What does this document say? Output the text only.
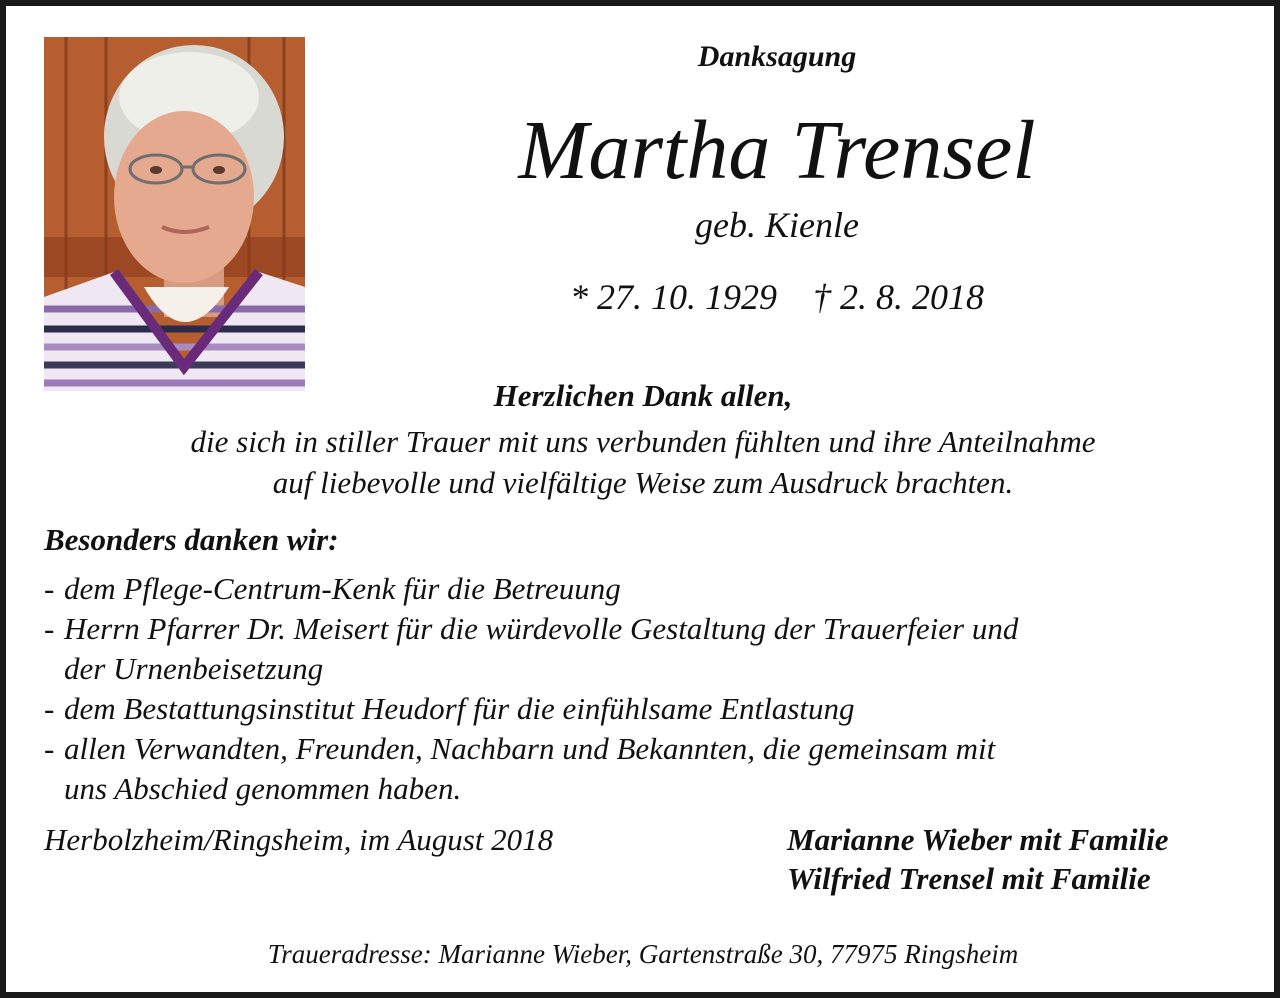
Danksagung
Martha Trensel
geb. Kienle
* 27. 10. 1929 † 2. 8. 2018
Herzlichen Dank allen,
die sich in stiller Trauer mit uns verbunden fühlten und ihre Anteilnahme
auf liebevolle und vielfältige Weise zum Ausdruck brachten.
Besonders danken wir:
- dem Pflege-Centrum-Kenk für die Betreuung
- Herrn Pfarrer Dr. Meisert für die würdevolle Gestaltung der Trauerfeier und
der Urnenbeisetzung
- dem Bestattungsinstitut Heudorf für die einfühlsame Entlastung
- allen Verwandten, Freunden, Nachbarn und Bekannten, die gemeinsam mit
uns Abschied genommen haben.
Herbolzheim/Ringsheim, im August 2018	Marianne Wieber mit Familie
Wilfried Trensel mit Familie
Traueradresse: Marianne Wieber, Gartenstraße 30, 77975 Ringsheim
